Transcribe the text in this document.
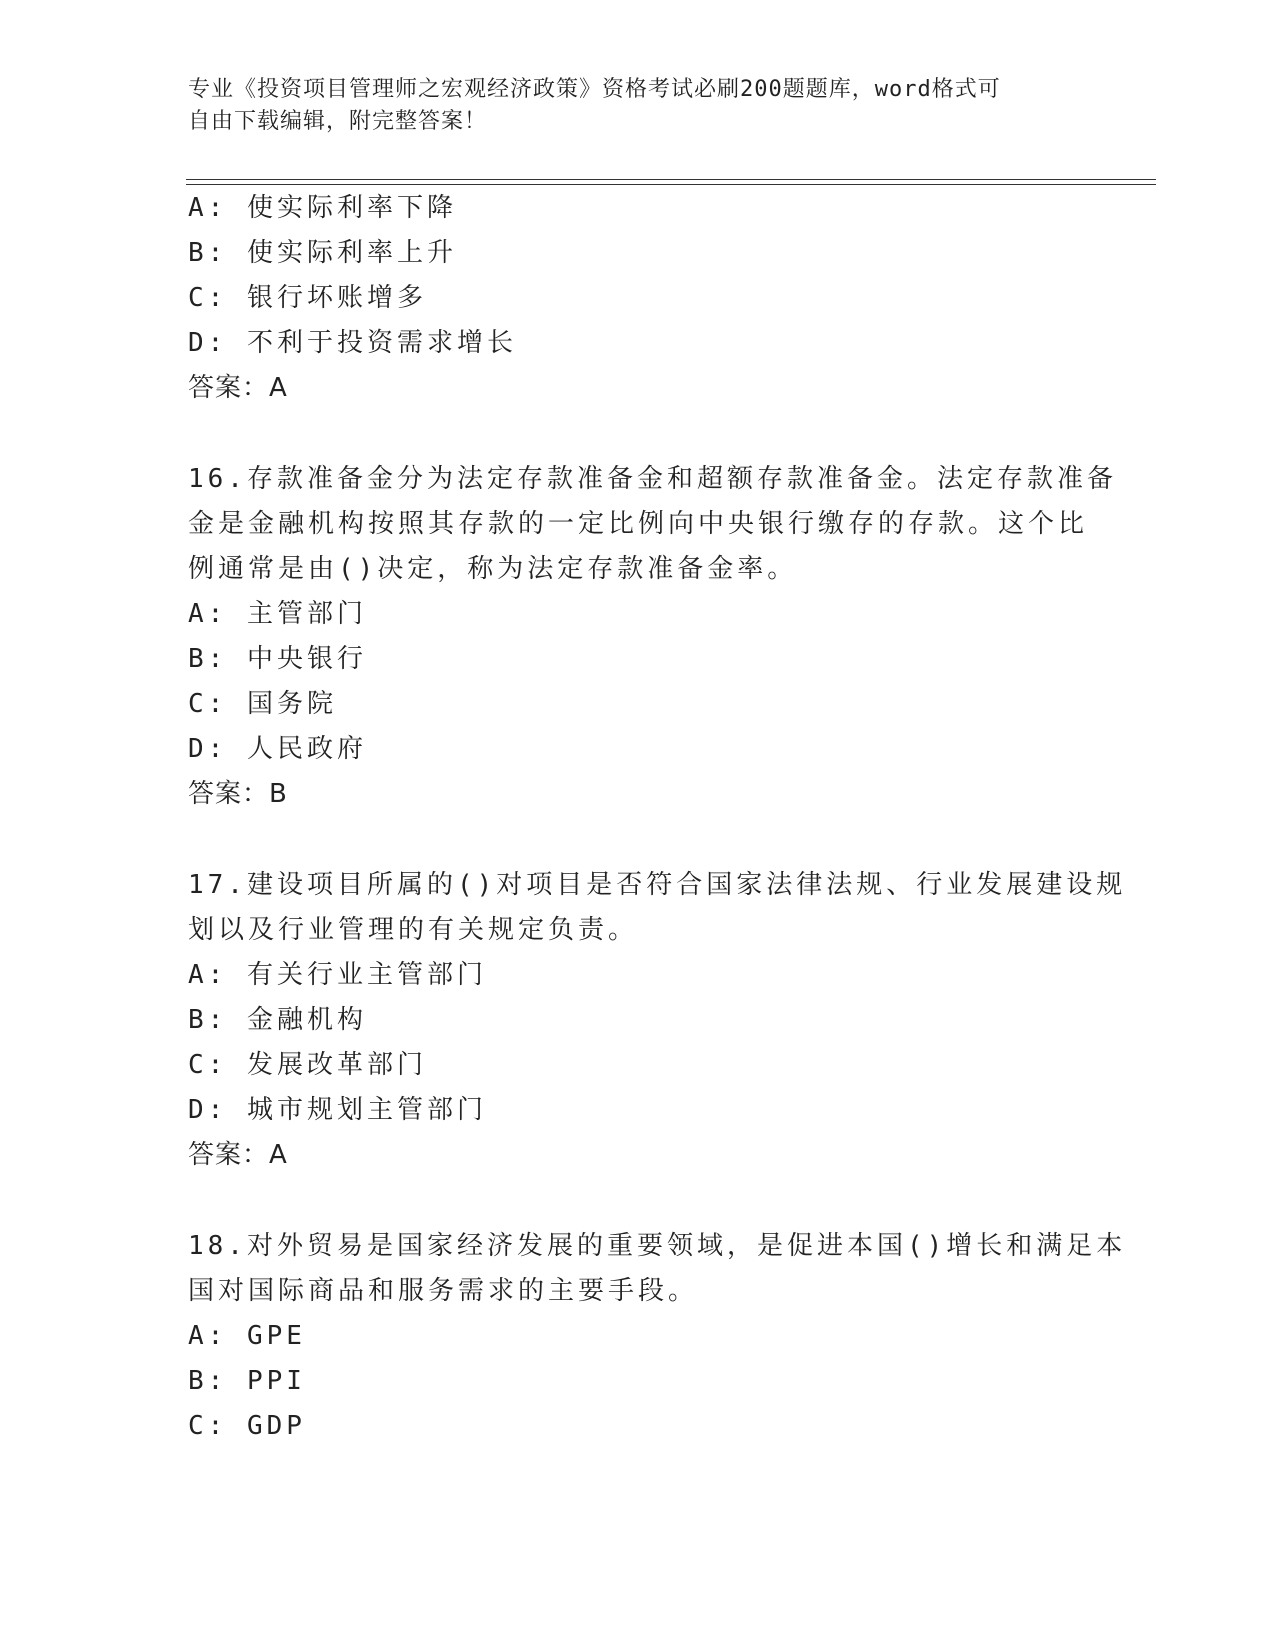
专业《投资项目管理师之宏观经济政策》资格考试必刷200题题库，word格式可
自由下载编辑，附完整答案！
A: 使实际利率下降
B: 使实际利率上升
C: 银行坏账增多
D: 不利于投资需求增长
答案：A
16.存款准备金分为法定存款准备金和超额存款准备金。法定存款准备
金是金融机构按照其存款的一定比例向中央银行缴存的存款。这个比
例通常是由()决定，称为法定存款准备金率。
A: 主管部门
B: 中央银行
C: 国务院
D: 人民政府
答案：B
17.建设项目所属的()对项目是否符合国家法律法规、行业发展建设规
划以及行业管理的有关规定负责。
A: 有关行业主管部门
B: 金融机构
C: 发展改革部门
D: 城市规划主管部门
答案：A
18.对外贸易是国家经济发展的重要领域，是促进本国()增长和满足本
国对国际商品和服务需求的主要手段。
A: GPE
B: PPI
C: GDP
